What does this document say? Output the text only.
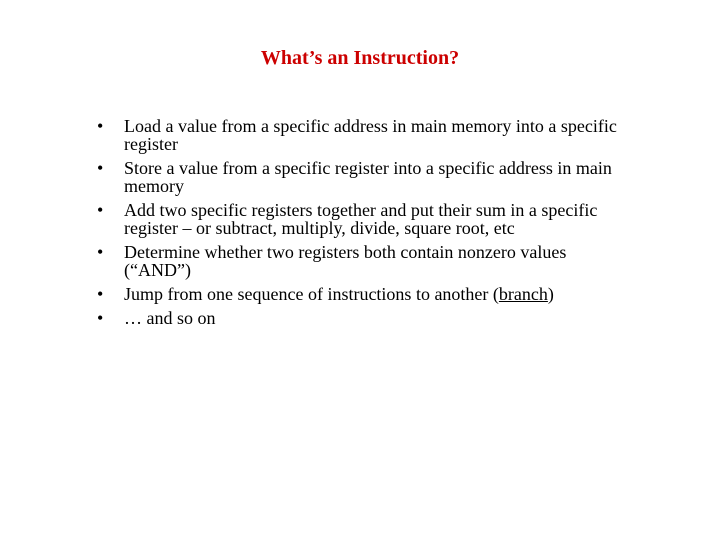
What’s an Instruction?
• Load a value from a specific address in main memory into a specific register
• Store a value from a specific register into a specific address in main memory
• Add two specific registers together and put their sum in a specific register – or subtract, multiply, divide, square root, etc
• Determine whether two registers both contain nonzero values (“AND”)
• Jump from one sequence of instructions to another (branch)
• … and so on
